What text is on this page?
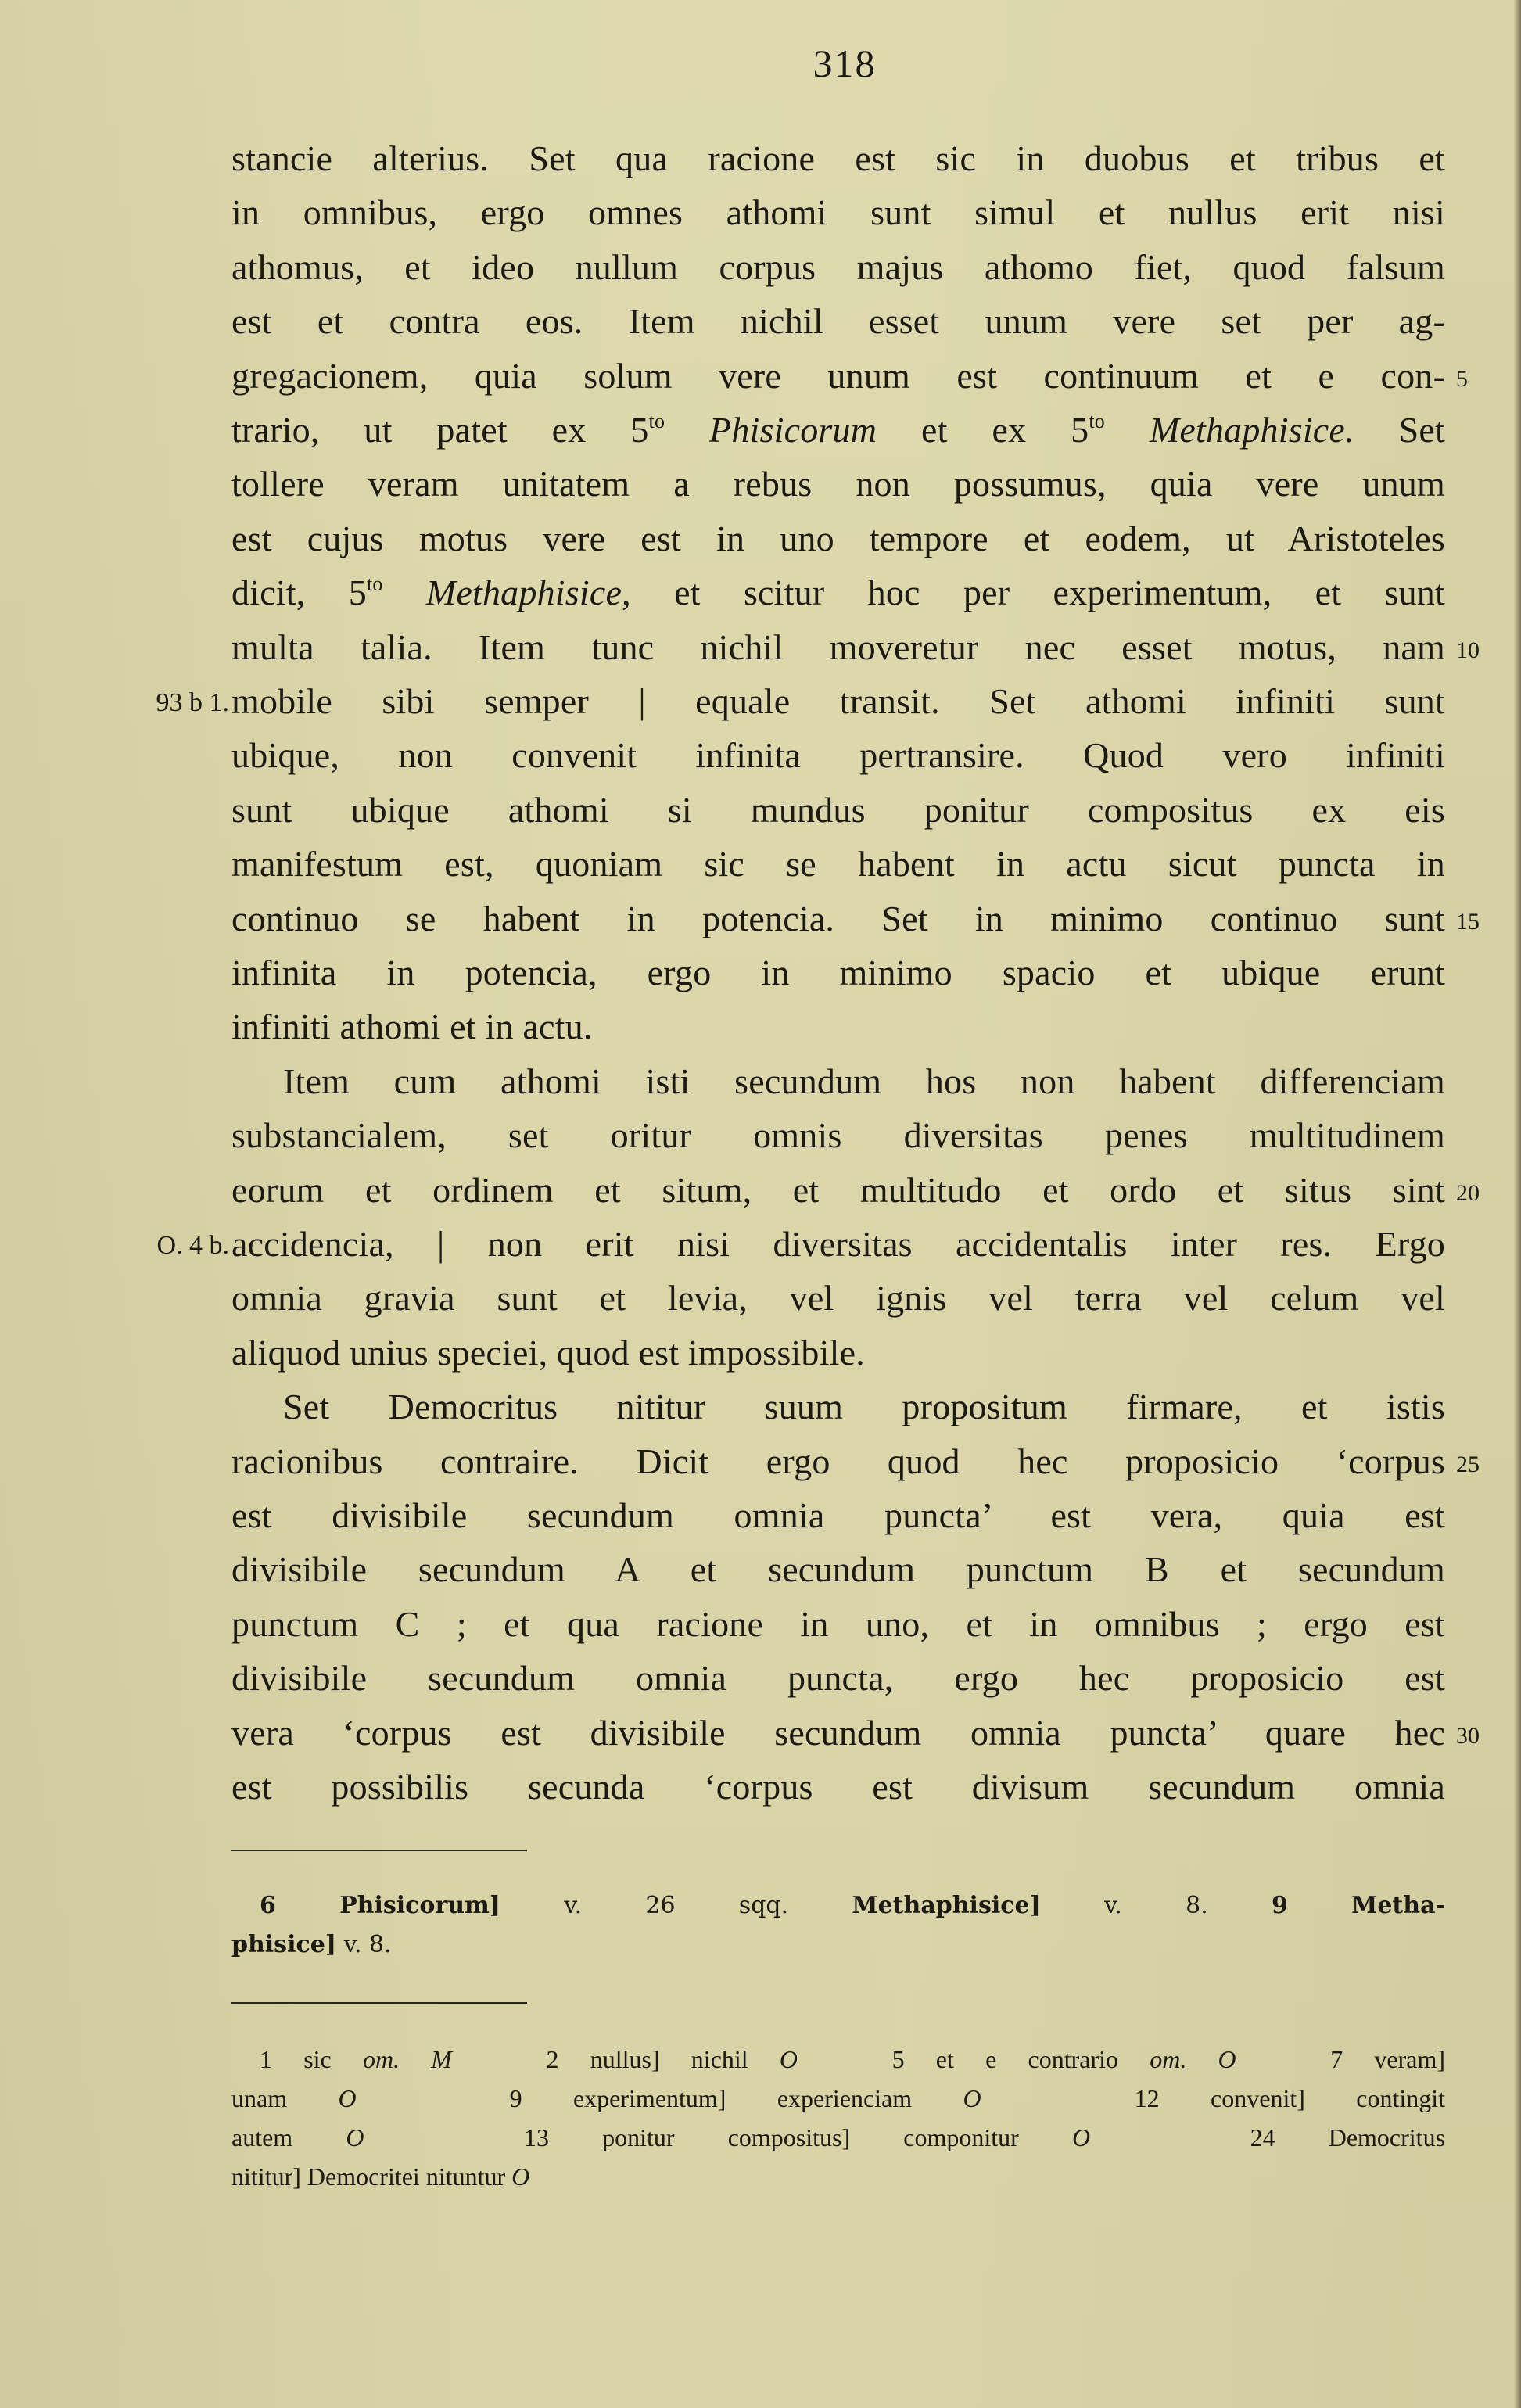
318
stancie alterius. Set qua racione est sic in duobus et tribus et
in omnibus, ergo omnes athomi sunt simul et nullus erit nisi
athomus, et ideo nullum corpus majus athomo fiet, quod falsum
est et contra eos. Item nichil esset unum vere set per ag-
gregacionem, quia solum vere unum est continuum et e con- 5
trario, ut patet ex $5^{to}$ Phisicorum et ex $5^{to}$ Methaphisice. Set
tollere veram unitatem a rebus non possumus, quia vere unum
est cujus motus vere est in uno tempore et eodem, ut Aristoteles
dicit, $5^{to}$ Methaphisice, et scitur hoc per experimentum, et sunt
multa talia. Item tunc nichil moveretur nec esset motus, nam 10
mobile sibi semper | equale transit. Set athomi infiniti sunt
93 b 1.
ubique, non convenit infinita pertransire. Quod vero infiniti
sunt ubique athomi si mundus ponitur compositus ex eis
manifestum est, quoniam sic se habent in actu sicut puncta in
continuo se habent in potencia. Set in minimo continuo sunt 15
infinita in potencia, ergo in minimo spacio et ubique erunt
infiniti athomi et in actu.
Item cum athomi isti secundum hos non habent differenciam
substancialem, set oritur omnis diversitas penes multitudinem
eorum et ordinem et situm, et multitudo et ordo et situs sint 20
accidencia, | non erit nisi diversitas accidentalis inter res. Ergo
O. 4 b.
omnia gravia sunt et levia, vel ignis vel terra vel celum vel
aliquod unius speciei, quod est impossibile.
Set Democritus nititur suum propositum firmare, et istis
racionibus contraire. Dicit ergo quod hec proposicio ‘corpus 25
est divisibile secundum omnia puncta’ est vera, quia est
divisibile secundum A et secundum punctum B et secundum
punctum C ; et qua racione in uno, et in omnibus ; ergo est
divisibile secundum omnia puncta, ergo hec proposicio est
vera ‘corpus est divisibile secundum omnia puncta’ quare hec 30
est possibilis secunda ‘corpus est divisum secundum omnia
6	Phisicorum] v. 26 sqq.	Methaphisice] v. 8.	9	Metha-
phisice] v. 8.
1 sic om. M   2 nullus] nichil O   5 et e contrario om. O   7 veram]
unam O   9 experimentum] experienciam O   12 convenit] contingit
autem O   13 ponitur compositus] componitur O   24 Democritus
nititur] Democritei nituntur O
